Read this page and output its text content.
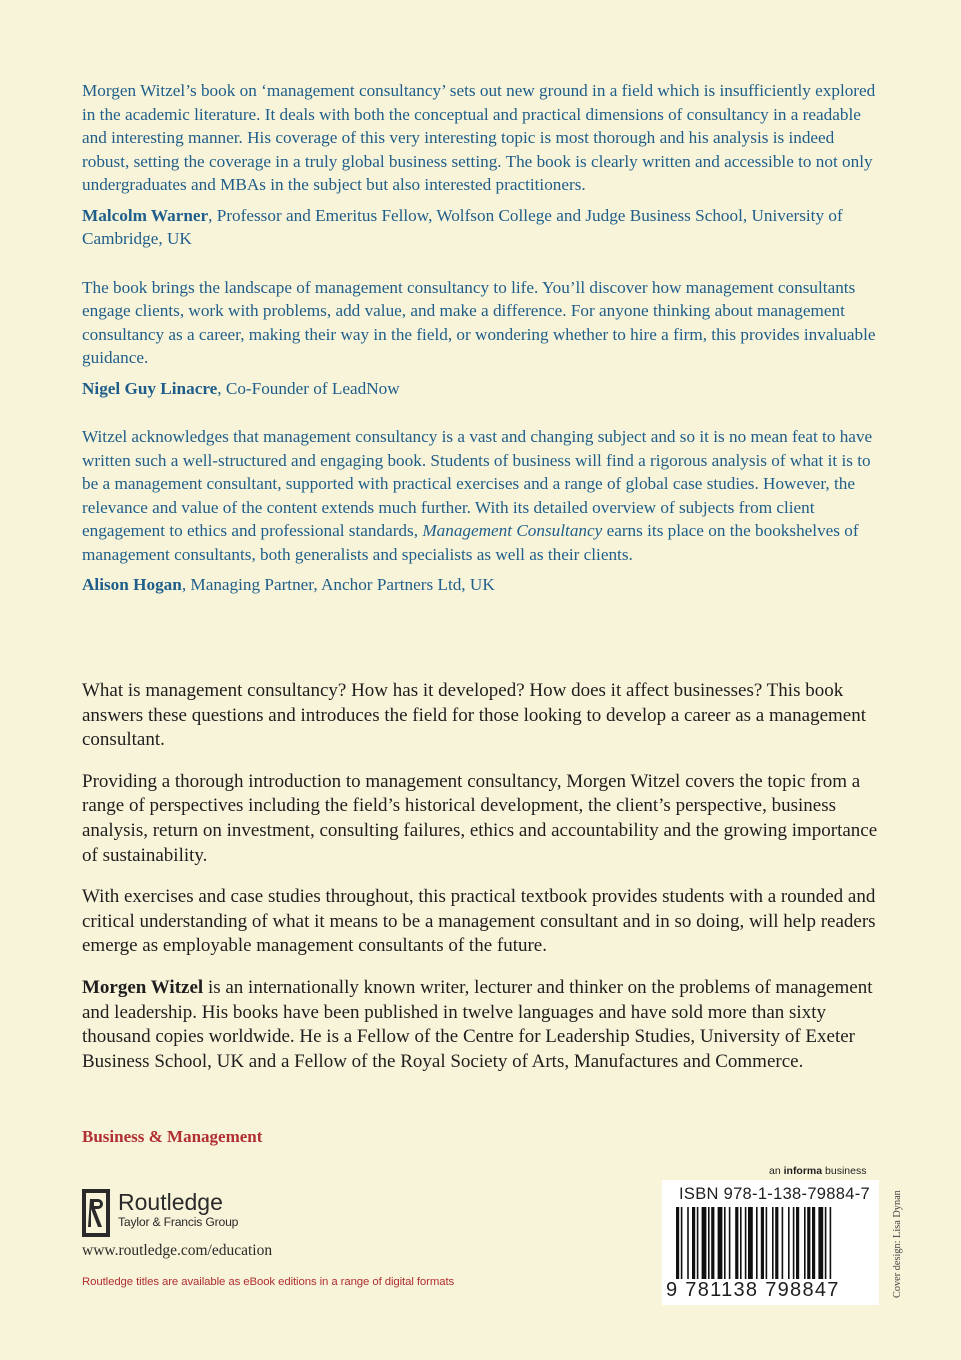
Morgen Witzel’s book on ‘management consultancy’ sets out new ground in a field which is insufficiently explored in the academic literature. It deals with both the conceptual and practical dimensions of consultancy in a readable and interesting manner. His coverage of this very interesting topic is most thorough and his analysis is indeed robust, setting the coverage in a truly global business setting. The book is clearly written and accessible to not only undergraduates and MBAs in the subject but also interested practitioners.

Malcolm Warner, Professor and Emeritus Fellow, Wolfson College and Judge Business School, University of Cambridge, UK

The book brings the landscape of management consultancy to life. You’ll discover how management consultants engage clients, work with problems, add value, and make a difference. For anyone thinking about management consultancy as a career, making their way in the field, or wondering whether to hire a firm, this provides invaluable guidance.

Nigel Guy Linacre, Co-Founder of LeadNow

Witzel acknowledges that management consultancy is a vast and changing subject and so it is no mean feat to have written such a well-structured and engaging book. Students of business will find a rigorous analysis of what it is to be a management consultant, supported with practical exercises and a range of global case studies. However, the relevance and value of the content extends much further. With its detailed overview of subjects from client engagement to ethics and professional standards, Management Consultancy earns its place on the bookshelves of management consultants, both generalists and specialists as well as their clients.

Alison Hogan, Managing Partner, Anchor Partners Ltd, UK

What is management consultancy? How has it developed? How does it affect businesses? This book answers these questions and introduces the field for those looking to develop a career as a management consultant.

Providing a thorough introduction to management consultancy, Morgen Witzel covers the topic from a range of perspectives including the field’s historical development, the client’s perspective, business analysis, return on investment, consulting failures, ethics and accountability and the growing importance of sustainability.

With exercises and case studies throughout, this practical textbook provides students with a rounded and critical understanding of what it means to be a management consultant and in so doing, will help readers emerge as employable management consultants of the future.

Morgen Witzel is an internationally known writer, lecturer and thinker on the problems of management and leadership. His books have been published in twelve languages and have sold more than sixty thousand copies worldwide. He is a Fellow of the Centre for Leadership Studies, University of Exeter Business School, UK and a Fellow of the Royal Society of Arts, Manufactures and Commerce.

Business & Management
Routledge
Taylor & Francis Group
www.routledge.com/education
Routledge titles are available as eBook editions in a range of digital formats
an informa business
ISBN 978-1-138-79884-7
9 781138 798847	Cover design: Lisa Dynan
